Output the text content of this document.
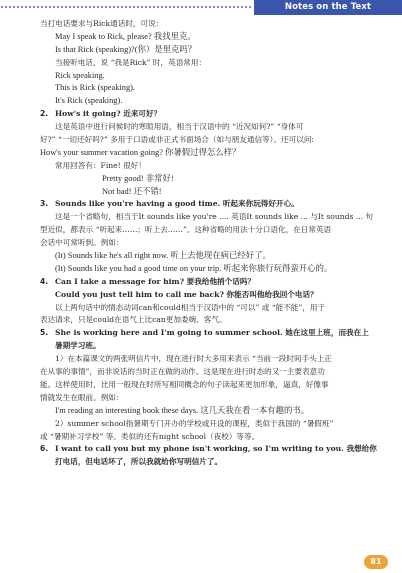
Notes on the Text
当打电话要求与Rick通话时，可说：
May I speak to Rick, please? 我找里克。
Is that Rick (speaking)?(你）是里克吗？
当接听电话，说 “我是Rick” 时，英语常用：
Rick speaking.
This is Rick (speaking).
It's Rick (speaking).
2. How's it going? 近来可好？
这是英语中进行问候时的寒暄用语，相当于汉语中的 “近况如何?” “身体可
好?” “一切还好吗?” 多用于口语或非正式书面场合（如与朋友通信等）。还可以问:
How's your summer vacation going? 你暑假过得怎么样？
常用回答有：Fine! 很好！
Pretty good! 非常好!
Not bad! 还不错!
3. Sounds like you're having a good time. 听起来你玩得好开心。
这是一个省略句，相当于It sounds like you're .... 英语It sounds like ... 与It sounds ... 句
型近似，都表示 “听起来……；听上去……”。这种省略的用法十分口语化，在日常英语
会话中可常听到。例如：
(It) Sounds like he's all right now. 听上去他现在病已经好了。
(It) Sounds like you had a good time on your trip. 听起来你旅行玩得蛮开心的。
4. Can I take a message for him? 要我给他捎个话吗？
Could you just tell him to call me back? 你能否叫他给我回个电话？
以上两句话中的情态动词can和could相当于汉语中的 “可以” 或 “能不能”，用于
表达请求，只是could在语气上比can更加委婉、客气。
5. She is working here and I'm going to summer school. 她在这里上班，而我在上
暑期学习班。
1）在本篇课文的两张明信片中，现在进行时大多用来表示 “当前一段时间手头上正
在从事的事情”，而非说话的当时正在做的动作。这是现在进行时态的又一主要表意功
能。这样使用时，比用一般现在时所写相同概念的句子读起来更加形象，逼真，好像事
情就发生在眼前。例如：
I'm reading an interesting book these days. 这几天我在看一本有趣的书。
2）summer school指暑期专门开办的学校或开设的课程，类似于我国的 “暑假班”
或 “暑期补习学校” 等。类似的还有night school（夜校）等等。
6. I want to call you but my phone isn't working, so I'm writing to you. 我想给你
打电话，但电话坏了，所以我就给你写明信片了。
81
